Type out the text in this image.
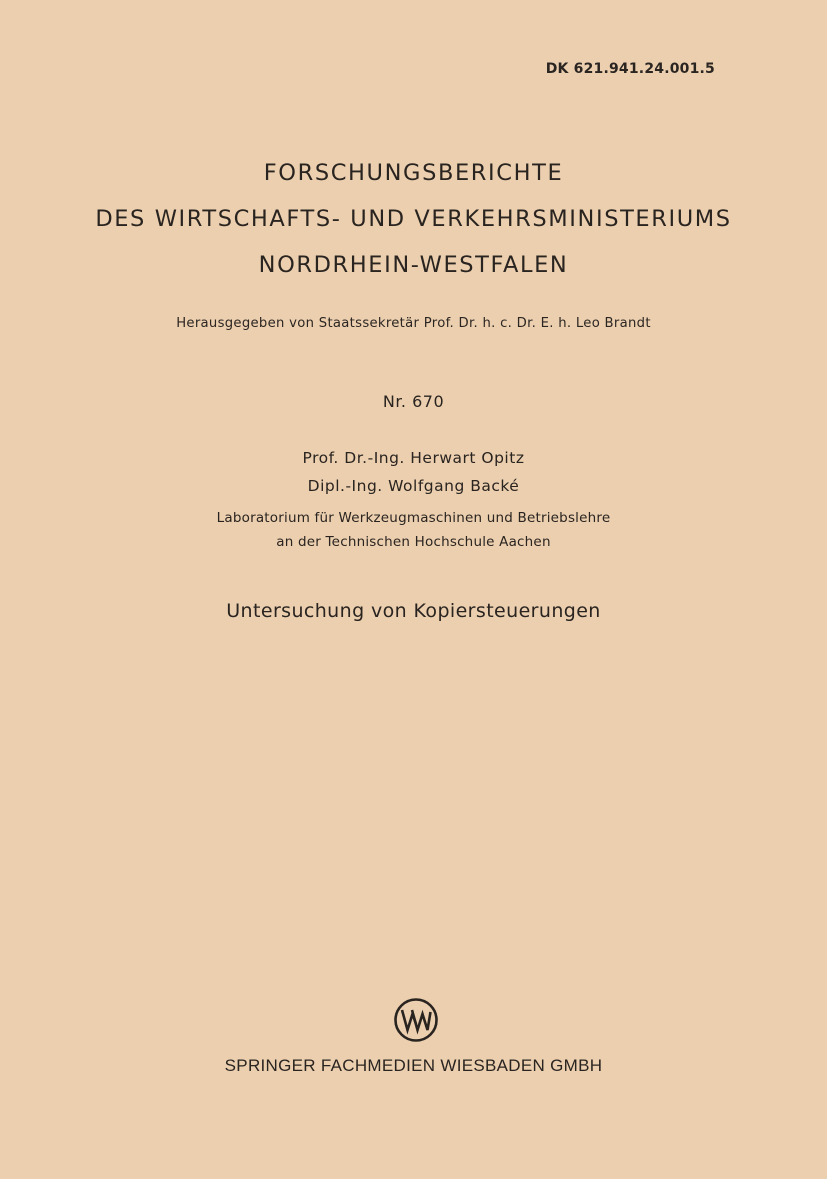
DK 621.941.24.001.5
FORSCHUNGSBERICHTE
DES WIRTSCHAFTS- UND VERKEHRSMINISTERIUMS
NORDRHEIN-WESTFALEN
Herausgegeben von Staatssekretär Prof. Dr. h. c. Dr. E. h. Leo Brandt
Nr. 670
Prof. Dr.-Ing. Herwart Opitz
Dipl.-Ing. Wolfgang Backé
Laboratorium für Werkzeugmaschinen und Betriebslehre
an der Technischen Hochschule Aachen
Untersuchung von Kopiersteuerungen
SPRINGER FACHMEDIEN WIESBADEN GMBH
